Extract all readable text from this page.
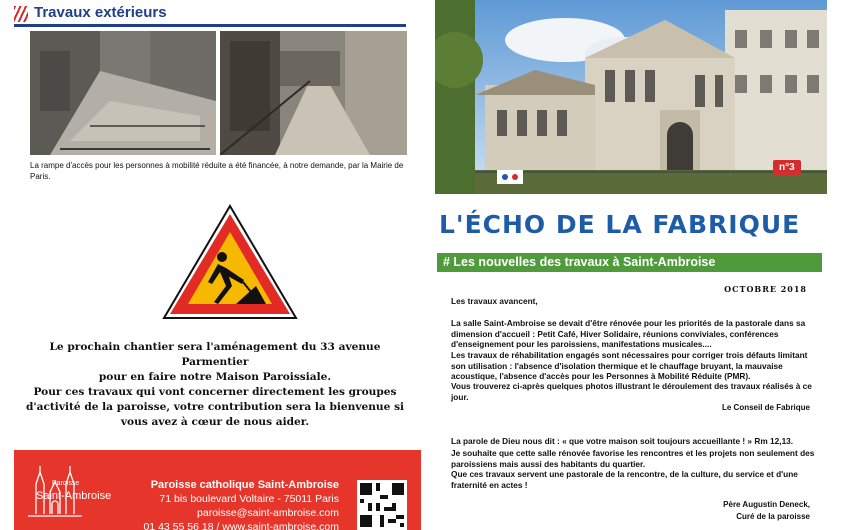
Travaux extérieurs
La rampe d'accès pour les personnes à mobilité réduite a été financée, à notre demande, par la Mairie de Paris.
Le prochain chantier sera l'aménagement du 33 avenue Parmentier
pour en faire notre Maison Paroissiale.
Pour ces travaux qui vont concerner directement les groupes
d'activité de la paroisse, votre contribution sera la bienvenue si
vous avez à cœur de nous aider.
Paroisse
Saint-Ambroise
Paroisse catholique Saint-Ambroise
71 bis boulevard Voltaire - 75011 Paris
paroisse@saint-ambroise.com
01 43 55 56 18 / www.saint-ambroise.com
n°3
L'ÉCHO DE LA FABRIQUE
# Les nouvelles des travaux à Saint-Ambroise
OCTOBRE 2018
Les travaux avancent,
La salle Saint-Ambroise se devait d'être rénovée pour les priorités de la pastorale dans sa dimension d'accueil : Petit Café, Hiver Solidaire, réunions conviviales, conférences d'enseignement pour les paroissiens, manifestations musicales....
Les travaux de réhabilitation engagés sont nécessaires pour corriger trois défauts limitant son utilisation : l'absence d'isolation thermique et le chauffage bruyant, la mauvaise acoustique, l'absence d'accès pour les Personnes à Mobilité Réduite (PMR).
Vous trouverez ci-après quelques photos illustrant le déroulement des travaux réalisés à ce jour.
Le Conseil de Fabrique
La parole de Dieu nous dit : « que votre maison soit toujours accueillante ! » Rm 12,13.
Je souhaite que cette salle rénovée favorise les rencontres et les projets non seulement des paroissiens mais aussi des habitants du quartier.
Que ces travaux servent une pastorale de la rencontre, de la culture, du service et d'une fraternité en actes !
Père Augustin Deneck,
Curé de la paroisse
